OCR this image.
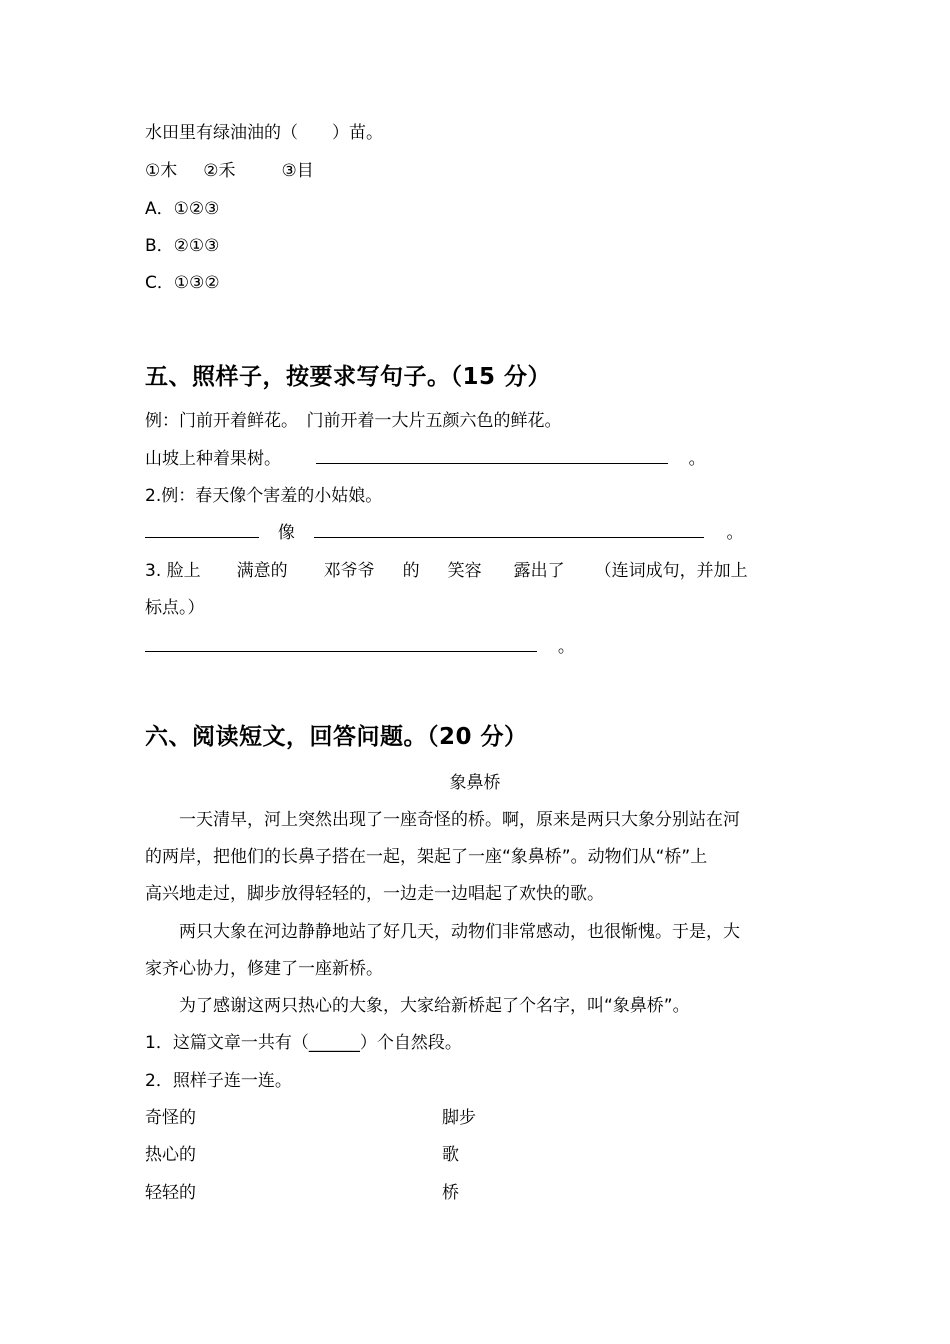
水田里有绿油油的（　　）苗。
①木 ②禾	③目
A．①②③
B．②①③
C．①③②
五、照样子，按要求写句子。（15 分）
例：门前开着鲜花。　门前开着一大片五颜六色的鲜花。
山坡上种着果树。	。
2.例：春天像个害羞的小姑娘。
像	。
3. 脸上 满意的 邓爷爷 的 笑容 露出了 （连词成句，并加上
标点。）
。
六、阅读短文，回答问题。（20 分）
象鼻桥
一天清早，河上突然出现了一座奇怪的桥。啊，原来是两只大象分别站在河
的两岸，把他们的长鼻子搭在一起，架起了一座“象鼻桥”。动物们从“桥”上
高兴地走过，脚步放得轻轻的，一边走一边唱起了欢快的歌。
两只大象在河边静静地站了好几天，动物们非常感动，也很惭愧。于是，大
家齐心协力，修建了一座新桥。
为了感谢这两只热心的大象，大家给新桥起了个名字，叫“象鼻桥”。
1．这篇文章一共有（______）个自然段。
2．照样子连一连。
奇怪的	脚步
热心的	歌
轻轻的	桥
